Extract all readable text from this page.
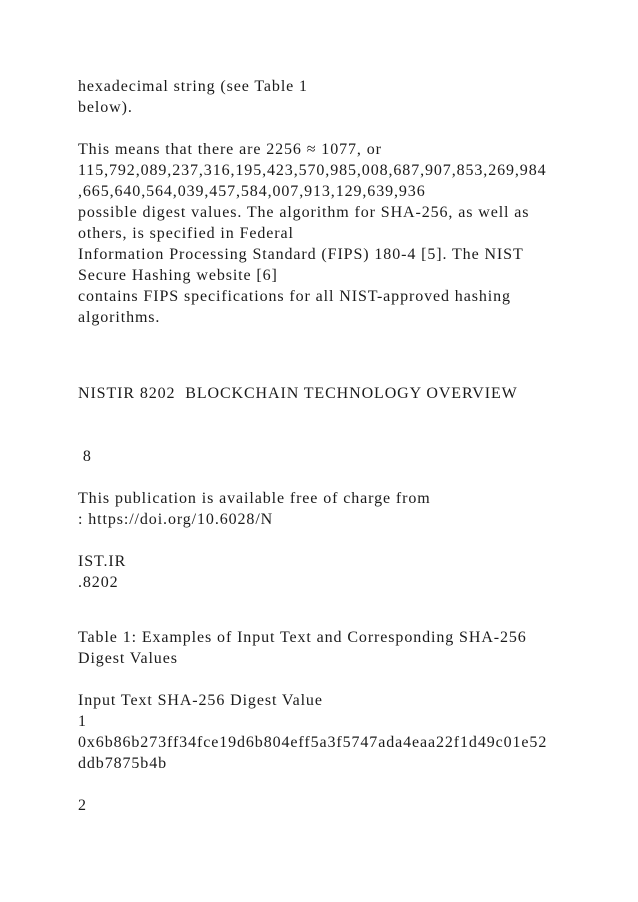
hexadecimal string (see Table 1

below).

This means that there are 2256 ≈ 1077, or

115,792,089,237,316,195,423,570,985,008,687,907,853,269,984

,665,640,564,039,457,584,007,913,129,639,936

possible digest values. The algorithm for SHA-256, as well as

others, is specified in Federal

Information Processing Standard (FIPS) 180-4 [5]. The NIST

Secure Hashing website [6]

contains FIPS specifications for all NIST-approved hashing

algorithms.

NISTIR 8202  BLOCKCHAIN TECHNOLOGY OVERVIEW

8

This publication is available free of charge from

: https://doi.org/10.6028/N

IST.IR

.8202

Table 1: Examples of Input Text and Corresponding SHA-256

Digest Values

Input Text SHA-256 Digest Value

1

0x6b86b273ff34fce19d6b804eff5a3f5747ada4eaa22f1d49c01e52

ddb7875b4b

2
